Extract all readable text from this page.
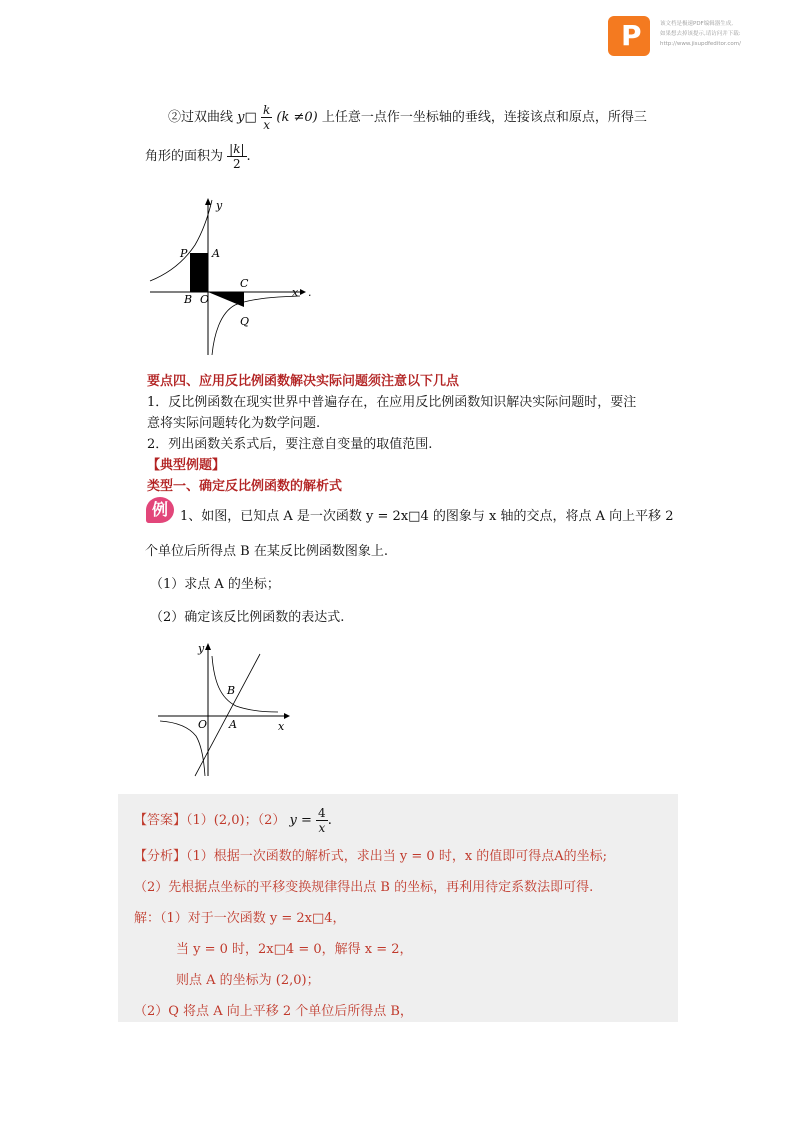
P	该文档是极速PDF编辑器生成,
如果想去掉该提示,请访问并下载:
http://www.jisupdfeditor.com/
②过双曲线 y□ $\frac{k}{x} (k \ne 0)$ 上任意一点作一坐标轴的垂线，连接该点和原点，所得三
角形的面积为 $\frac{|k|}{2}$ .
P A
B O
C
Q
y
x .
要点四、应用反比例函数解决实际问题须注意以下几点
1．反比例函数在现实世界中普遍存在，在应用反比例函数知识解决实际问题时，要注
意将实际问题转化为数学问题.
2．列出函数关系式后，要注意自变量的取值范围.
【典型例题】
类型一、确定反比例函数的解析式
例 1、如图，已知点 A 是一次函数 y = 2x□4 的图象与 x 轴的交点，将点 A 向上平移 2
个单位后所得点 B 在某反比例函数图象上.
（1）求点 A 的坐标；
（2）确定该反比例函数的表达式.
B
O A
y
x
【答案】（1）(2,0)；（2） $y = \frac{4}{x}$ .
【分析】（1）根据一次函数的解析式，求出当 y = 0 时，x 的值即可得点A的坐标;
（2）先根据点坐标的平移变换规律得出点 B 的坐标，再利用待定系数法即可得.
解：（1）对于一次函数 y = 2x□4，
当 y = 0 时，2x□4 = 0，解得 x = 2，
则点 A 的坐标为 (2,0)；
（2）Q 将点 A 向上平移 2 个单位后所得点 B，
